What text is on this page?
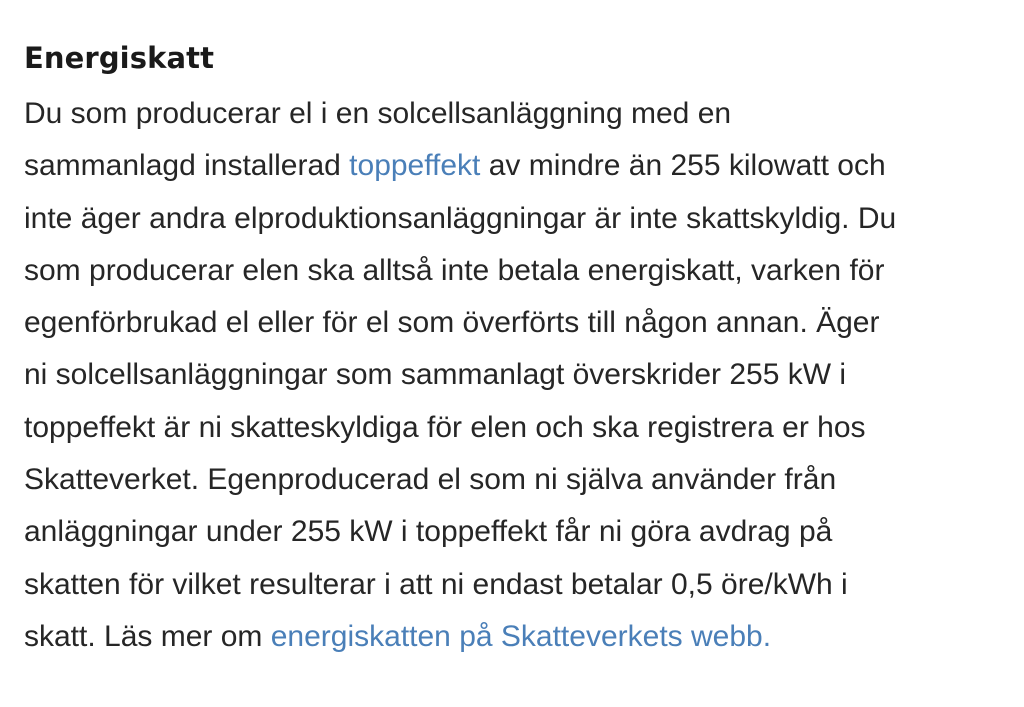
Energiskatt

Du som producerar el i en solcellsanläggning med en
sammanlagd installerad toppeffekt av mindre än 255 kilowatt och
inte äger andra elproduktionsanläggningar är inte skattskyldig. Du
som producerar elen ska alltså inte betala energiskatt, varken för
egenförbrukad el eller för el som överförts till någon annan. Äger
ni solcellsanläggningar som sammanlagt överskrider 255 kW i
toppeffekt är ni skatteskyldiga för elen och ska registrera er hos
Skatteverket. Egenproducerad el som ni själva använder från
anläggningar under 255 kW i toppeffekt får ni göra avdrag på
skatten för vilket resulterar i att ni endast betalar 0,5 öre/kWh i
skatt. Läs mer om energiskatten på Skatteverkets webb.
